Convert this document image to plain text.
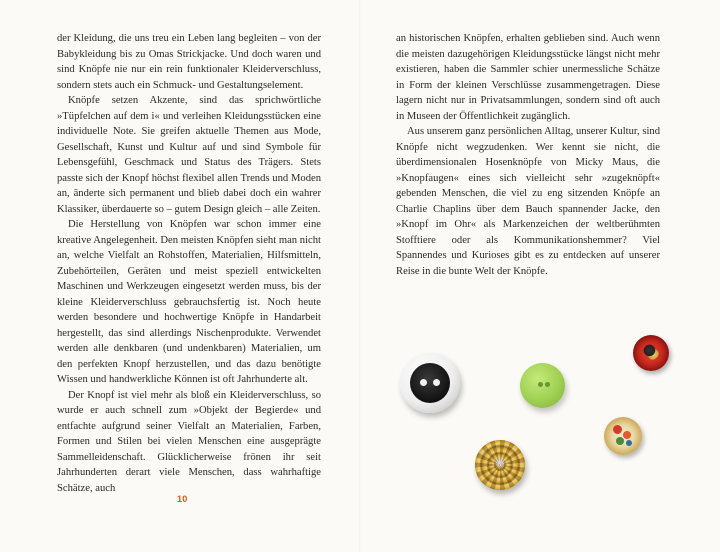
der Kleidung, die uns treu ein Leben lang begleiten – von der Babykleidung bis zu Omas Strickjacke. Und doch waren und sind Knöpfe nie nur ein rein funktionaler Kleiderverschluss, sondern stets auch ein Schmuck- und Gestaltungselement.

Knöpfe setzen Akzente, sind das sprichwörtliche »Tüpfelchen auf dem i« und verleihen Kleidungsstücken eine individuelle Note. Sie greifen aktuelle Themen aus Mode, Gesellschaft, Kunst und Kultur auf und sind Symbole für Lebensgefühl, Geschmack und Status des Trägers. Stets passte sich der Knopf höchst flexibel allen Trends und Moden an, änderte sich permanent und blieb dabei doch ein wahrer Klassiker, überdauerte so – gutem Design gleich – alle Zeiten.

Die Herstellung von Knöpfen war schon immer eine kreative Angelegenheit. Den meisten Knöpfen sieht man nicht an, welche Vielfalt an Rohstoffen, Materialien, Hilfsmitteln, Zubehörteilen, Geräten und meist speziell entwickelten Maschinen und Werkzeugen eingesetzt werden muss, bis der kleine Kleiderverschluss gebrauchsfertig ist. Noch heute werden besondere und hochwertige Knöpfe in Handarbeit hergestellt, das sind allerdings Nischenprodukte. Verwendet werden alle denkbaren (und undenkbaren) Materialien, um den perfekten Knopf herzustellen, und das dazu benötigte Wissen und handwerkliche Können ist oft Jahrhunderte alt.

Der Knopf ist viel mehr als bloß ein Kleiderverschluss, so wurde er auch schnell zum »Objekt der Begierde« und entfachte aufgrund seiner Vielfalt an Materialien, Farben, Formen und Stilen bei vielen Menschen eine ausgeprägte Sammelleidenschaft. Glücklicherweise frönen ihr seit Jahrhunderten derart viele Menschen, dass wahrhaftige Schätze, auch

10

an historischen Knöpfen, erhalten geblieben sind. Auch wenn die meisten dazugehörigen Kleidungsstücke längst nicht mehr existieren, haben die Sammler schier unermessliche Schätze in Form der kleinen Verschlüsse zusammengetragen. Diese lagern nicht nur in Privatsammlungen, sondern sind oft auch in Museen der Öffentlichkeit zugänglich.

Aus unserem ganz persönlichen Alltag, unserer Kultur, sind Knöpfe nicht wegzudenken. Wer kennt sie nicht, die überdimensionalen Hosenknöpfe von Micky Maus, die »Knopfaugen« eines sich vielleicht sehr »zugeknöpft« gebenden Menschen, die viel zu eng sitzenden Knöpfe an Charlie Chaplins über dem Bauch spannender Jacke, den »Knopf im Ohr« als Markenzeichen der weltberühmten Stofftiere oder als Kommunikationshemmer? Viel Spannendes und Kurioses gibt es zu entdecken auf unserer Reise in die bunte Welt der Knöpfe.
